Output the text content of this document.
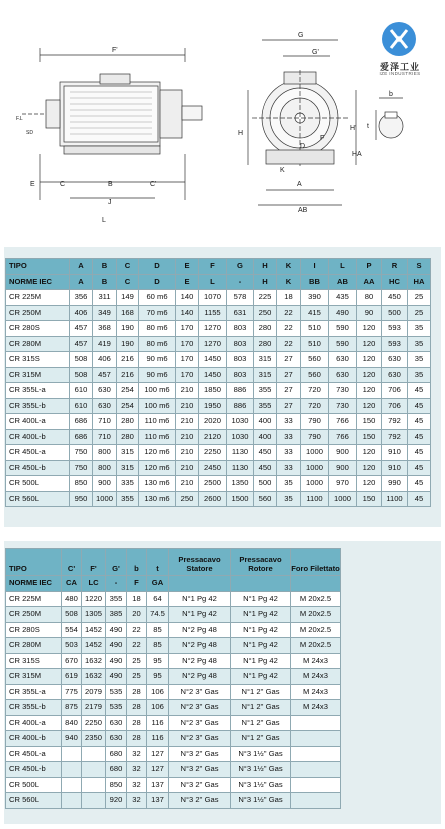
F'
E	C	B	C'
J
L
G
G'
H
H'
HA
A
AB
K
D
F
b
t
F.L
SD
爱泽工业
IZE INDUSTRIES
TIPO	A	B	C	D	E	F	G	H	K	I	L	P	R	S
NORME IEC	A	B	C	D	E	L	-	H	K	BB	AB	AA	HC	HA
CR 225M	356	311	149	60 m6	140	1070	578	225	18	390	435	80	450	25
CR 250M	406	349	168	70 m6	140	1155	631	250	22	415	490	90	500	25
CR 280S	457	368	190	80 m6	170	1270	803	280	22	510	590	120	593	35
CR 280M	457	419	190	80 m6	170	1270	803	280	22	510	590	120	593	35
CR 315S	508	406	216	90 m6	170	1450	803	315	27	560	630	120	630	35
CR 315M	508	457	216	90 m6	170	1450	803	315	27	560	630	120	630	35
CR 355L-a	610	630	254	100 m6	210	1850	886	355	27	720	730	120	706	45
CR 355L-b	610	630	254	100 m6	210	1950	886	355	27	720	730	120	706	45
CR 400L-a	686	710	280	110 m6	210	2020	1030	400	33	790	766	150	792	45
CR 400L-b	686	710	280	110 m6	210	2120	1030	400	33	790	766	150	792	45
CR 450L-a	750	800	315	120 m6	210	2250	1130	450	33	1000	900	120	910	45
CR 450L-b	750	800	315	120 m6	210	2450	1130	450	33	1000	900	120	910	45
CR 500L	850	900	335	130 m6	210	2500	1350	500	35	1000	970	120	990	45
CR 560L	950	1000	355	130 m6	250	2600	1500	560	35	1100	1000	150	1100	45
TIPO	C'	F'	G'	b	t	Pressacavo Statore	Pressacavo Rotore	Foro Filettato
NORME IEC	CA	LC	-	F	GA			
CR 225M	480	1220	355	18	64	N°1 Pg 42	N°1 Pg 42	M 20x2.5
CR 250M	508	1305	385	20	74.5	N°1 Pg 42	N°1 Pg 42	M 20x2.5
CR 280S	554	1452	490	22	85	N°2 Pg 48	N°1 Pg 42	M 20x2.5
CR 280M	503	1452	490	22	85	N°2 Pg 48	N°1 Pg 42	M 20x2.5
CR 315S	670	1632	490	25	95	N°2 Pg 48	N°1 Pg 42	M 24x3
CR 315M	619	1632	490	25	95	N°2 Pg 48	N°1 Pg 42	M 24x3
CR 355L-a	775	2079	535	28	106	N°2 3'' Gas	N°1 2'' Gas	M 24x3
CR 355L-b	875	2179	535	28	106	N°2 3'' Gas	N°1 2'' Gas	M 24x3
CR 400L-a	840	2250	630	28	116	N°2 3'' Gas	N°1 2'' Gas	
CR 400L-b	940	2350	630	28	116	N°2 3'' Gas	N°1 2'' Gas	
CR 450L-a			680	32	127	N°3 2'' Gas	N°3 1½'' Gas	
CR 450L-b			680	32	127	N°3 2'' Gas	N°3 1½'' Gas	
CR 500L			850	32	137	N°3 2'' Gas	N°3 1½'' Gas	
CR 560L			920	32	137	N°3 2'' Gas	N°3 1½'' Gas	
